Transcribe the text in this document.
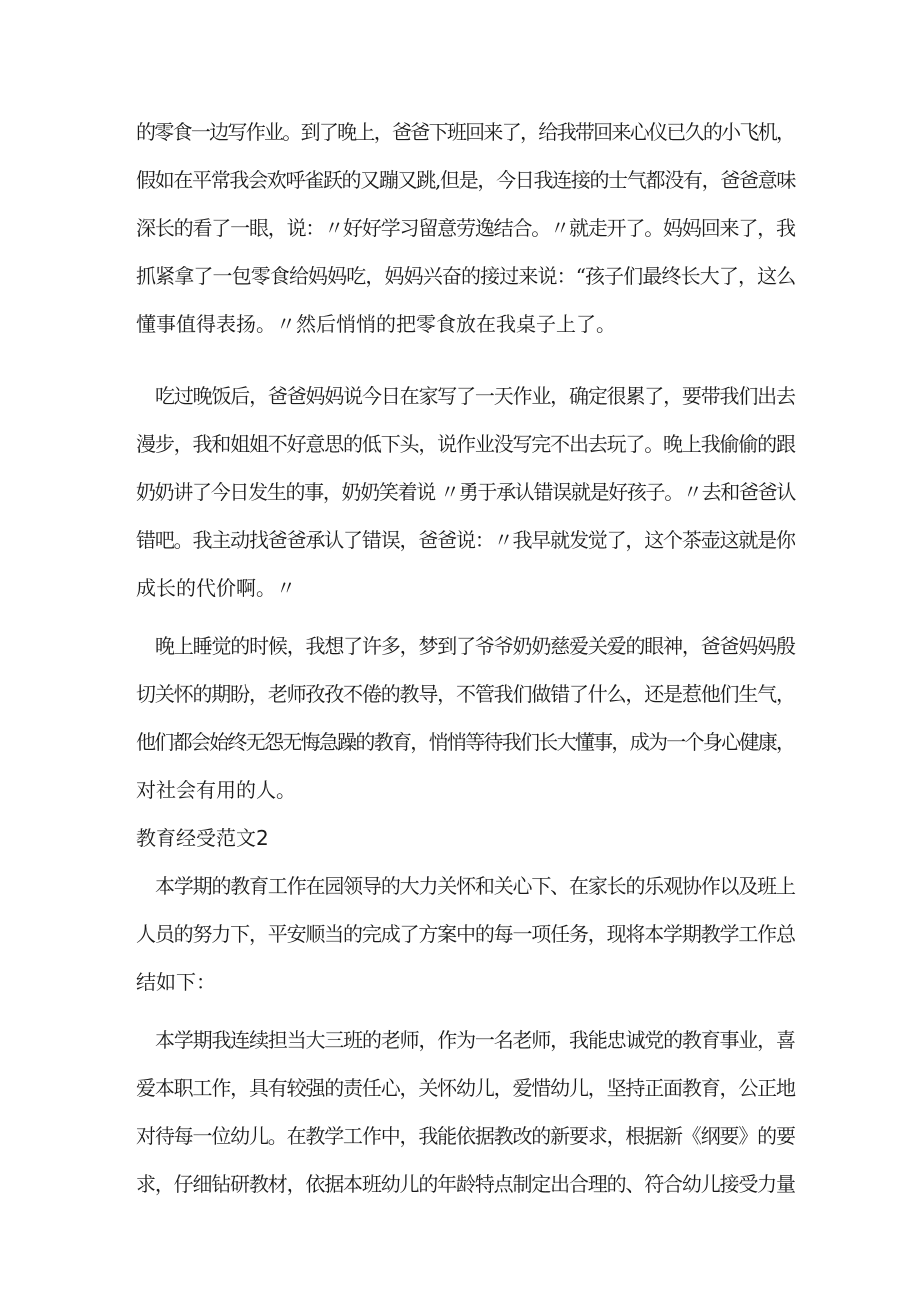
的零食一边写作业。到了晚上，爸爸下班回来了，给我带回来心仪已久的小飞机，
假如在平常我会欢呼雀跃的又蹦又跳,但是，今日我连接的士气都没有，爸爸意味
深长的看了一眼，说：〃好好学习留意劳逸结合。〃就走开了。妈妈回来了，我
抓紧拿了一包零食给妈妈吃，妈妈兴奋的接过来说：“孩子们最终长大了，这么
懂事值得表扬。〃然后悄悄的把零食放在我桌子上了。
吃过晚饭后，爸爸妈妈说今日在家写了一天作业，确定很累了，要带我们出去
漫步，我和姐姐不好意思的低下头，说作业没写完不出去玩了。晚上我偷偷的跟
奶奶讲了今日发生的事，奶奶笑着说 〃勇于承认错误就是好孩子。〃去和爸爸认
错吧。我主动找爸爸承认了错误，爸爸说：〃我早就发觉了，这个茶壶这就是你
成长的代价啊。〃
晚上睡觉的时候，我想了许多，梦到了爷爷奶奶慈爱关爱的眼神，爸爸妈妈殷
切关怀的期盼，老师孜孜不倦的教导，不管我们做错了什么，还是惹他们生气，
他们都会始终无怨无悔急躁的教育，悄悄等待我们长大懂事，成为一个身心健康，
对社会有用的人。
教育经受范文2
本学期的教育工作在园领导的大力关怀和关心下、在家长的乐观协作以及班上
人员的努力下，平安顺当的完成了方案中的每一项任务，现将本学期教学工作总
结如下：
本学期我连续担当大三班的老师，作为一名老师，我能忠诚党的教育事业，喜
爱本职工作，具有较强的责任心，关怀幼儿，爱惜幼儿，坚持正面教育，公正地
对待每一位幼儿。在教学工作中，我能依据教改的新要求，根据新《纲要》的要
求，仔细钻研教材，依据本班幼儿的年龄特点制定出合理的、符合幼儿接受力量
